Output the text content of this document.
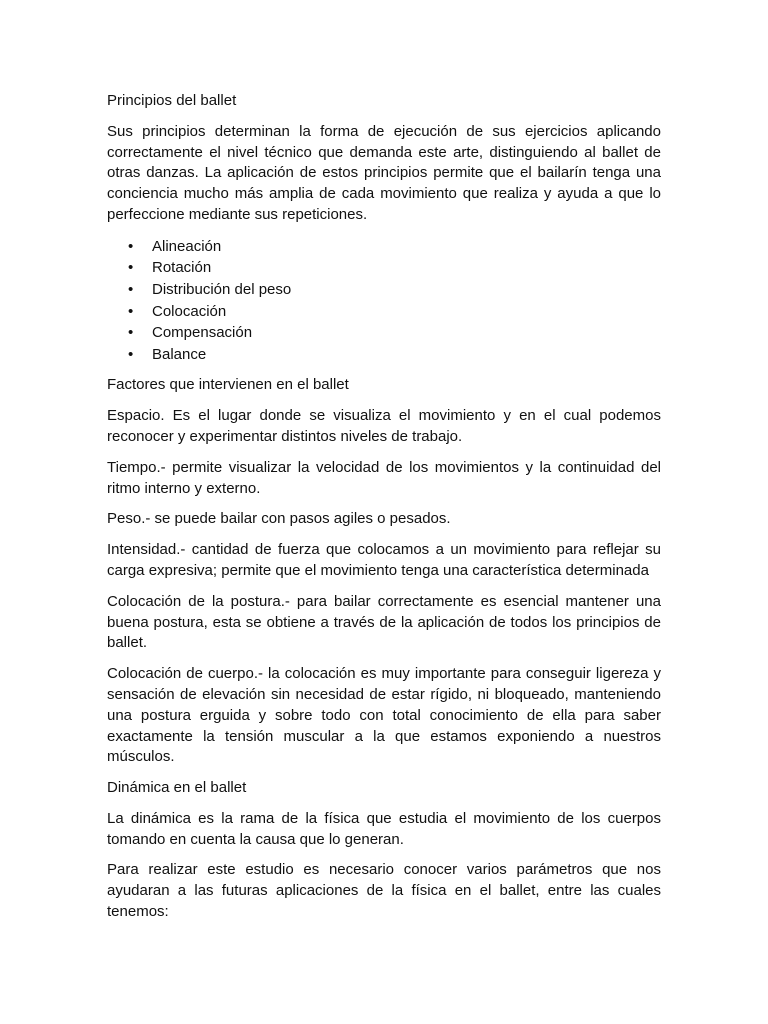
Principios del ballet

Sus principios determinan la forma de ejecución de sus ejercicios aplicando correctamente el nivel técnico que demanda este arte, distinguiendo al ballet de otras danzas. La aplicación de estos principios permite que el bailarín tenga una conciencia mucho más amplia de cada movimiento que realiza y ayuda a que lo perfeccione mediante sus repeticiones.

• Alineación
• Rotación
• Distribución del peso
• Colocación
• Compensación
• Balance

Factores que intervienen en el ballet

Espacio. Es el lugar donde se visualiza el movimiento y en el cual podemos reconocer y experimentar distintos niveles de trabajo.

Tiempo.- permite visualizar la velocidad de los movimientos y la continuidad del ritmo interno y externo.

Peso.- se puede bailar con pasos agiles o pesados.

Intensidad.- cantidad de fuerza que colocamos a un movimiento para reflejar su carga expresiva; permite que el movimiento tenga una característica determinada

Colocación de la postura.- para bailar correctamente es esencial mantener una buena postura, esta se obtiene a través de la aplicación de todos los principios de ballet.

Colocación de cuerpo.- la colocación es muy importante para conseguir ligereza y sensación de elevación sin necesidad de estar rígido, ni bloqueado, manteniendo una postura erguida y sobre todo con total conocimiento de ella para saber exactamente la tensión muscular a la que estamos exponiendo a nuestros músculos.

Dinámica en el ballet

La dinámica es la rama de la física que estudia el movimiento de los cuerpos tomando en cuenta la causa que lo generan.

Para realizar este estudio es necesario conocer varios parámetros que nos ayudaran a las futuras aplicaciones de la física en el ballet, entre las cuales tenemos:
